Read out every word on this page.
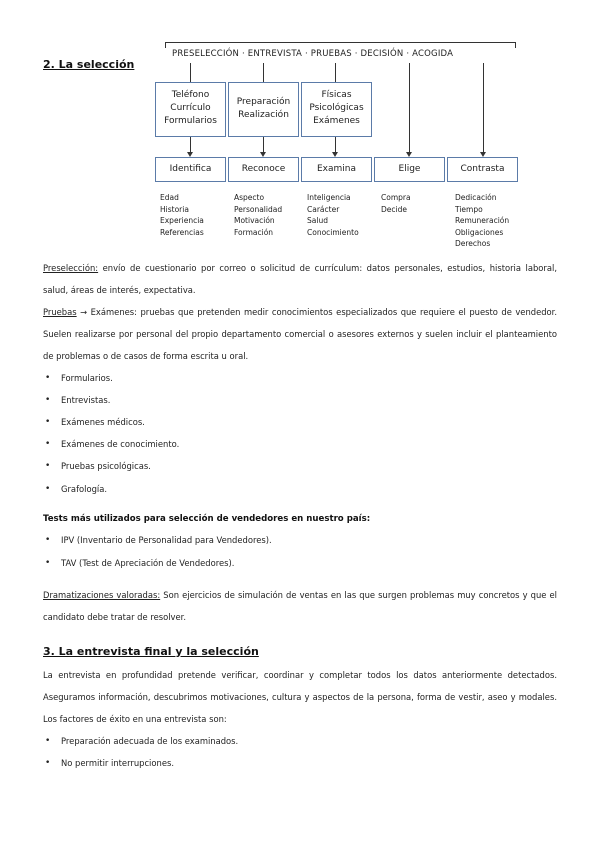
2. La selección
PRESELECCIÓN · ENTREVISTA · PRUEBAS · DECISIÓN · ACOGIDA
Teléfono
Currículo
Formularios
Preparación
Realización
Físicas
Psicológicas
Exámenes
Identifica	Reconoce	Examina	Elige	Contrasta
Edad
Historia
Experiencia
Referencias
Aspecto
Personalidad
Motivación
Formación
Inteligencia
Carácter
Salud
Conocimiento
Compra
Decide
Dedicación
Tiempo
Remuneración
Obligaciones
Derechos
Preselección: envío de cuestionario por correo o solicitud de currículum: datos personales, estudios, historia laboral, salud, áreas de interés, expectativa.
Pruebas → Exámenes: pruebas que pretenden medir conocimientos especializados que requiere el puesto de vendedor. Suelen realizarse por personal del propio departamento comercial o asesores externos y suelen incluir el planteamiento de problemas o de casos de forma escrita u oral.
• Formularios.
• Entrevistas.
• Exámenes médicos.
• Exámenes de conocimiento.
• Pruebas psicológicas.
• Grafología.
Tests más utilizados para selección de vendedores en nuestro país:
• IPV (Inventario de Personalidad para Vendedores).
• TAV (Test de Apreciación de Vendedores).
Dramatizaciones valoradas: Son ejercicios de simulación de ventas en las que surgen problemas muy concretos y que el candidato debe tratar de resolver.
3. La entrevista final y la selección
La entrevista en profundidad pretende verificar, coordinar y completar todos los datos anteriormente detectados. Aseguramos información, descubrimos motivaciones, cultura y aspectos de la persona, forma de vestir, aseo y modales. Los factores de éxito en una entrevista son:
• Preparación adecuada de los examinados.
• No permitir interrupciones.
